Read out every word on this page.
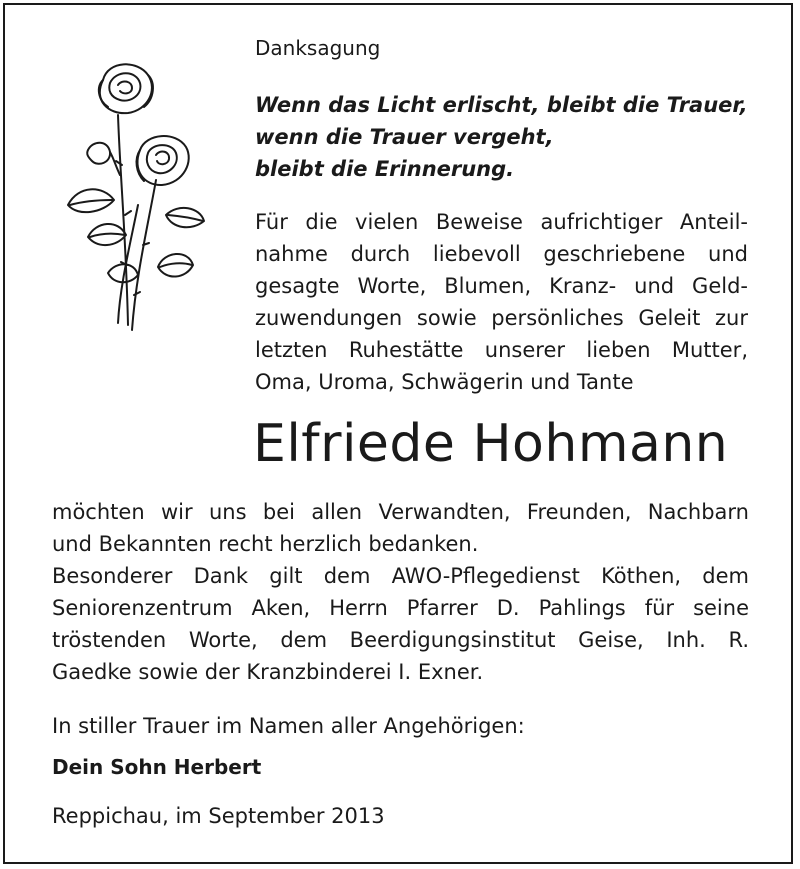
Danksagung
Wenn das Licht erlischt, bleibt die Trauer,
wenn die Trauer vergeht,
bleibt die Erinnerung.

Für die vielen Beweise aufrichtiger Anteil-
nahme durch liebevoll geschriebene und
gesagte Worte, Blumen, Kranz- und Geld-
zuwendungen sowie persönliches Geleit zur
letzten Ruhestätte unserer lieben Mutter,
Oma, Uroma, Schwägerin und Tante

Elfriede Hohmann

möchten wir uns bei allen Verwandten, Freunden, Nachbarn
und Bekannten recht herzlich bedanken.
Besonderer Dank gilt dem AWO-Pflegedienst Köthen, dem
Seniorenzentrum Aken, Herrn Pfarrer D. Pahlings für seine
tröstenden Worte, dem Beerdigungsinstitut Geise, Inh. R.
Gaedke sowie der Kranzbinderei I. Exner.

In stiller Trauer im Namen aller Angehörigen:
Dein Sohn Herbert
Reppichau, im September 2013
